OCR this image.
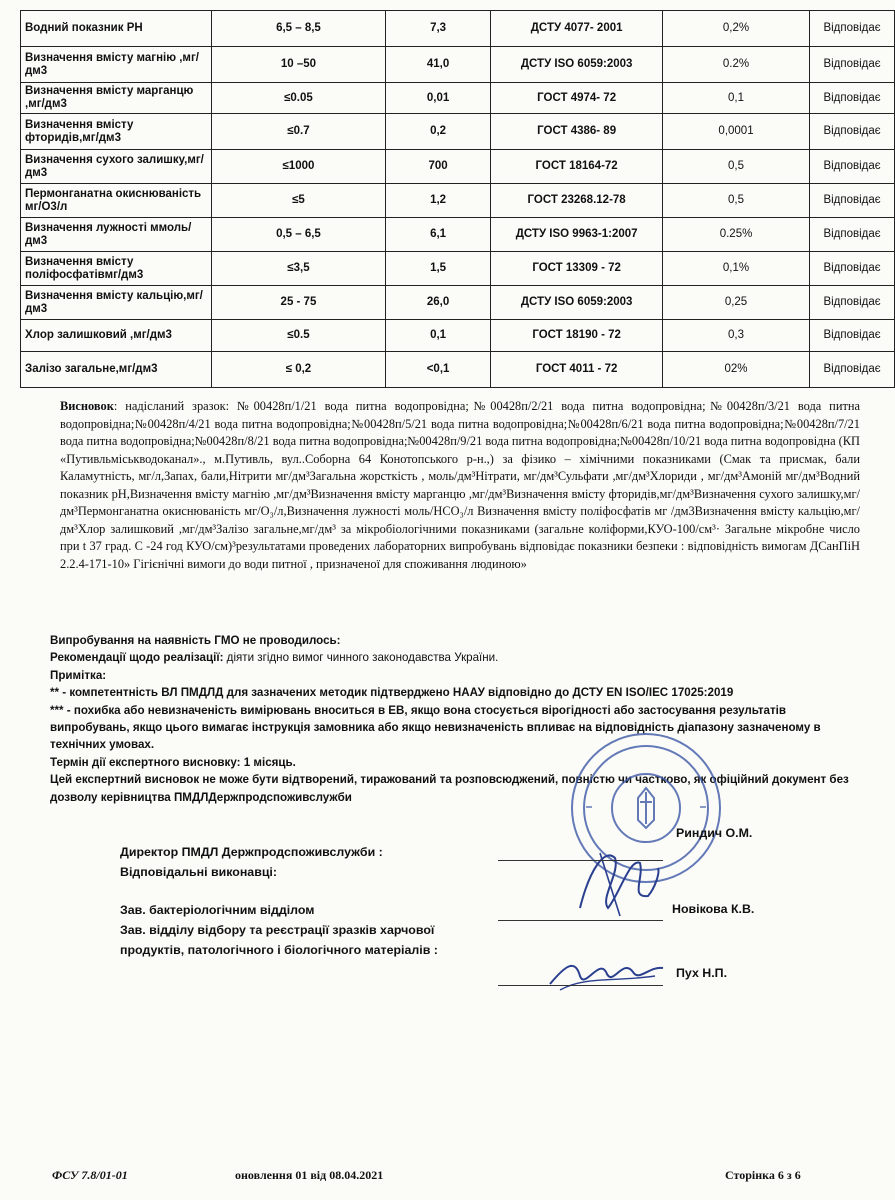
Водний показник РН	6,5 – 8,5	7,3	ДСТУ 4077- 2001	0,2%	Відповідає
Визначення вмісту магнію ,мг/дм3	10 –50	41,0	ДСТУ ISO 6059:2003	0.2%	Відповідає
Визначення вмісту марганцю ,мг/дм3	≤0.05	0,01	ГОСТ 4974- 72	0,1	Відповідає
Визначення вмісту фторидів,мг/дм3	≤0.7	0,2	ГОСТ 4386- 89	0,0001	Відповідає
Визначення сухого залишку,мг/дм3	≤1000	700	ГОСТ 18164-72	0,5	Відповідає
Пермонганатна окиснюваність мг/О3/л	≤5	1,2	ГОСТ 23268.12-78	0,5	Відповідає
Визначення лужності ммоль/дм3	0,5 – 6,5	6,1	ДСТУ ISO 9963-1:2007	0.25%	Відповідає
Визначення вмісту поліфосфатівмг/дм3	≤3,5	1,5	ГОСТ 13309 - 72	0,1%	Відповідає
Визначення вмісту кальцію,мг/дм3	25 - 75	26,0	ДСТУ ISO 6059:2003	0,25	Відповідає
Хлор залишковий ,мг/дм3	≤0.5	0,1	ГОСТ 18190 - 72	0,3	Відповідає
Залізо загальне,мг/дм3	≤ 0,2	<0,1	ГОСТ 4011 - 72	02%	Відповідає

Висновок: надісланий зразок: №00428п/1/21 вода питна водопровідна;№00428п/2/21 вода питна водопровідна;№00428п/3/21 вода питна водопровідна;№00428п/4/21 вода питна водопровідна;№00428п/5/21 вода питна водопровідна;№00428п/6/21 вода питна водопровідна;№00428п/7/21 вода питна водопровідна;№00428п/8/21 вода питна водопровідна;№00428п/9/21 вода питна водопровідна;№00428п/10/21 вода питна водопровідна (КП «Путивльміськводоканал»., м.Путивль, вул..Соборна 64 Конотопського р-н.,) за фізико – хімічними показниками (Смак та присмак, бали Каламутність, мг/л,Запах, бали,Нітрити мг/дм³Загальна жорсткість , моль/дм³Нітрати, мг/дм³Сульфати ,мг/дм³Хлориди , мг/дм³Амоній мг/дм³Водний показник рН,Визначення вмісту магнію ,мг/дм³Визначення вмісту марганцю ,мг/дм³Визначення вмісту фторидів,мг/дм³Визначення сухого залишку,мг/дм³Пермонганатна окиснюваність мг/О₃/л,Визначення лужності моль/НСО₃/л Визначення вмісту поліфосфатів мг /дм3Визначення вмісту кальцію,мг/дм³Хлор залишковий ,мг/дм³Залізо загальне,мг/дм³ за мікробіологічними показниками (загальне коліформи,КУО-100/см³· Загальне мікробне число при t 37 град. С -24 год КУО/см)³результатами проведених лабораторних випробувань відповідає показники безпеки : відповідність вимогам ДСанПіН 2.2.4-171-10» Гігієнічні вимоги до води питної , призначеної для споживання людиною»

Випробування на наявність ГМО не проводилось:

Рекомендації щодо реалізації: діяти згідно вимог чинного законодавства України.

Примітка:

** - компетентність ВЛ ПМДЛД для зазначених методик підтверджено НААУ відповідно до ДСТУ EN ISO/IEC 17025:2019

*** - похибка або невизначеність вимірювань вноситься в ЕВ, якщо вона стосується вірогідності або застосування результатів випробувань, якщо цього вимагає інструкція замовника або якщо невизначеність впливає на відповідність діапазону зазначеному в технічних умовах.

Термін дії експертного висновку: 1 місяць.

Цей експертний висновок не може бути відтворений, тиражований та розповсюджений, повністю чи частково, як офіційний документ без дозволу керівництва ПМДЛДержпродспоживслужби

Директор ПМДЛ Держпродспоживслужби :
Відповідальні виконавці:
Зав. бактеріологічним відділом
Зав. відділу відбору та реєстрації зразків харчової продуктів, патологічного і біологічного матеріалів :
Риндич О.М.
Новікова К.В.
Пух Н.П.
ФСУ 7.8/01-01	оновлення 01 від 08.04.2021	Сторінка 6 з 6
